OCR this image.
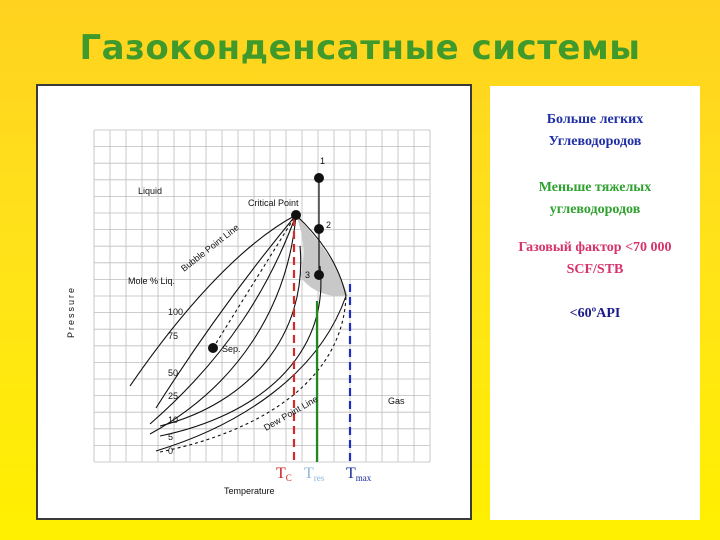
Газоконденсатные системы
Pressure
Temperature
Liquid
Gas
Mole % Liq.
Critical Point
Bubble Point Line
Dew Point Line
Sep.
1
2
3
100
75
50
25
10
5
0
TC Tres Tmax
Больше легких
Углеводородов
Меньше тяжелых
углеводородов
Газовый фактор <70 000
SCF/STB
<60ºAPI
